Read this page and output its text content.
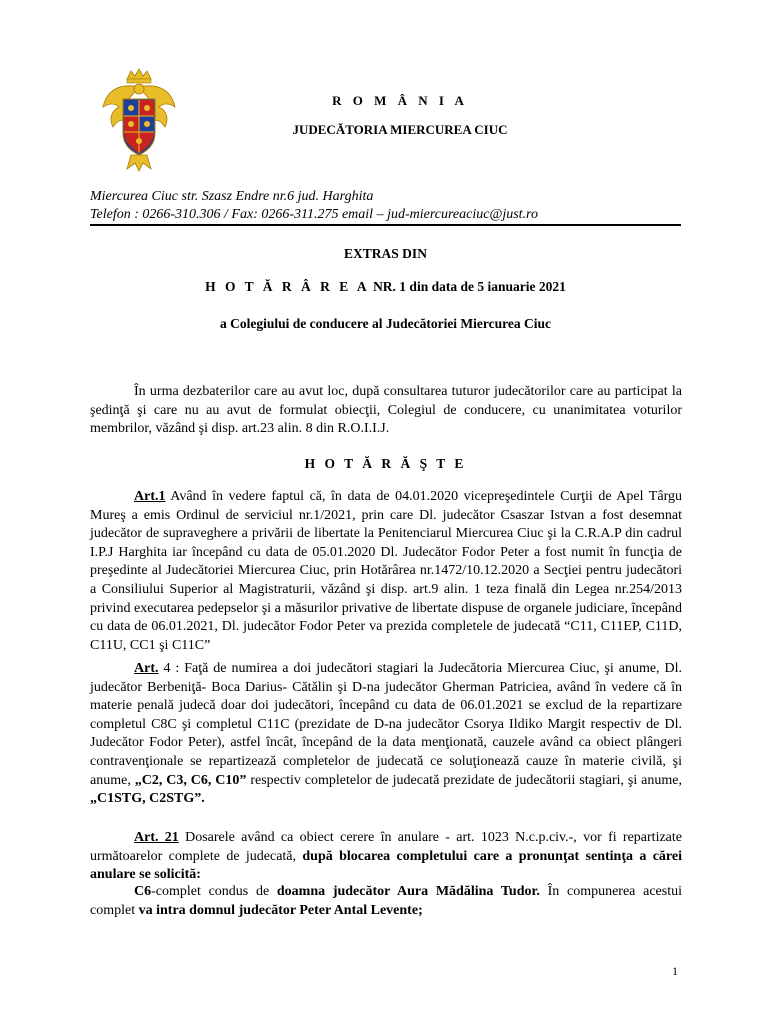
R O M Â N I A
JUDECĂTORIA MIERCUREA CIUC
Miercurea Ciuc str. Szasz Endre nr.6 jud. Harghita
Telefon : 0266-310.306 / Fax: 0266-311.275 email – jud-miercureaciuc@just.ro
EXTRAS DIN
H O T Ă R Â R E A NR. 1 din data de 5 ianuarie 2021
a Colegiului de conducere al Judecătoriei Miercurea Ciuc

În urma dezbaterilor care au avut loc, după consultarea tuturor judecătorilor care au participat la şedinţă şi care nu au avut de formulat obiecţii, Colegiul de conducere, cu unanimitatea voturilor membrilor, văzând şi disp. art.23 alin. 8 din R.O.I.I.J.

H O T Ă R Ă Ş T E

Art.1 Având în vedere faptul că, în data de 04.01.2020 vicepreşedintele Curţii de Apel Târgu Mureş a emis Ordinul de serviciul nr.1/2021, prin care Dl. judecător Csaszar Istvan a fost desemnat judecător de supraveghere a privării de libertate la Penitenciarul Miercurea Ciuc şi la C.R.A.P din cadrul I.P.J Harghita iar începând cu data de 05.01.2020 Dl. Judecător Fodor Peter a fost numit în funcţia de preşedinte al Judecătoriei Miercurea Ciuc, prin Hotărârea nr.1472/10.12.2020 a Secţiei pentru judecători a Consiliului Superior al Magistraturii, văzând şi disp. art.9 alin. 1 teza finală din Legea nr.254/2013 privind executarea pedepselor şi a măsurilor privative de libertate dispuse de organele judiciare, începând cu data de 06.01.2021, Dl. judecător Fodor Peter va prezida completele de judecată “C11, C11EP, C11D, C11U, CC1 şi C11C”

Art. 4 : Faţă de numirea a doi judecători stagiari la Judecătoria Miercurea Ciuc, şi anume, Dl. judecător Berbeniţă- Boca Darius- Cătălin şi D-na judecător Gherman Patriciea, având în vedere că în materie penală judecă doar doi judecători, începând cu data de 06.01.2021 se exclud de la repartizare completul C8C şi completul C11C (prezidate de D-na judecător Csorya Ildiko Margit respectiv de Dl. Judecător Fodor Peter), astfel încât, începând de la data menţionată, cauzele având ca obiect plângeri contravenţionale se repartizează completelor de judecată ce soluţionează cauze în materie civilă, şi anume, „C2, C3, C6, C10” respectiv completelor de judecată prezidate de judecătorii stagiari, şi anume, „C1STG, C2STG”.

Art. 21 Dosarele având ca obiect cerere în anulare - art. 1023 N.c.p.civ.-, vor fi repartizate următoarelor complete de judecată, după blocarea completului care a pronunţat sentinţa a cărei anulare se solicită:

C6-complet condus de doamna judecător Aura Mădălina Tudor. În compunerea acestui complet va intra domnul judecător Peter Antal Levente;

1
